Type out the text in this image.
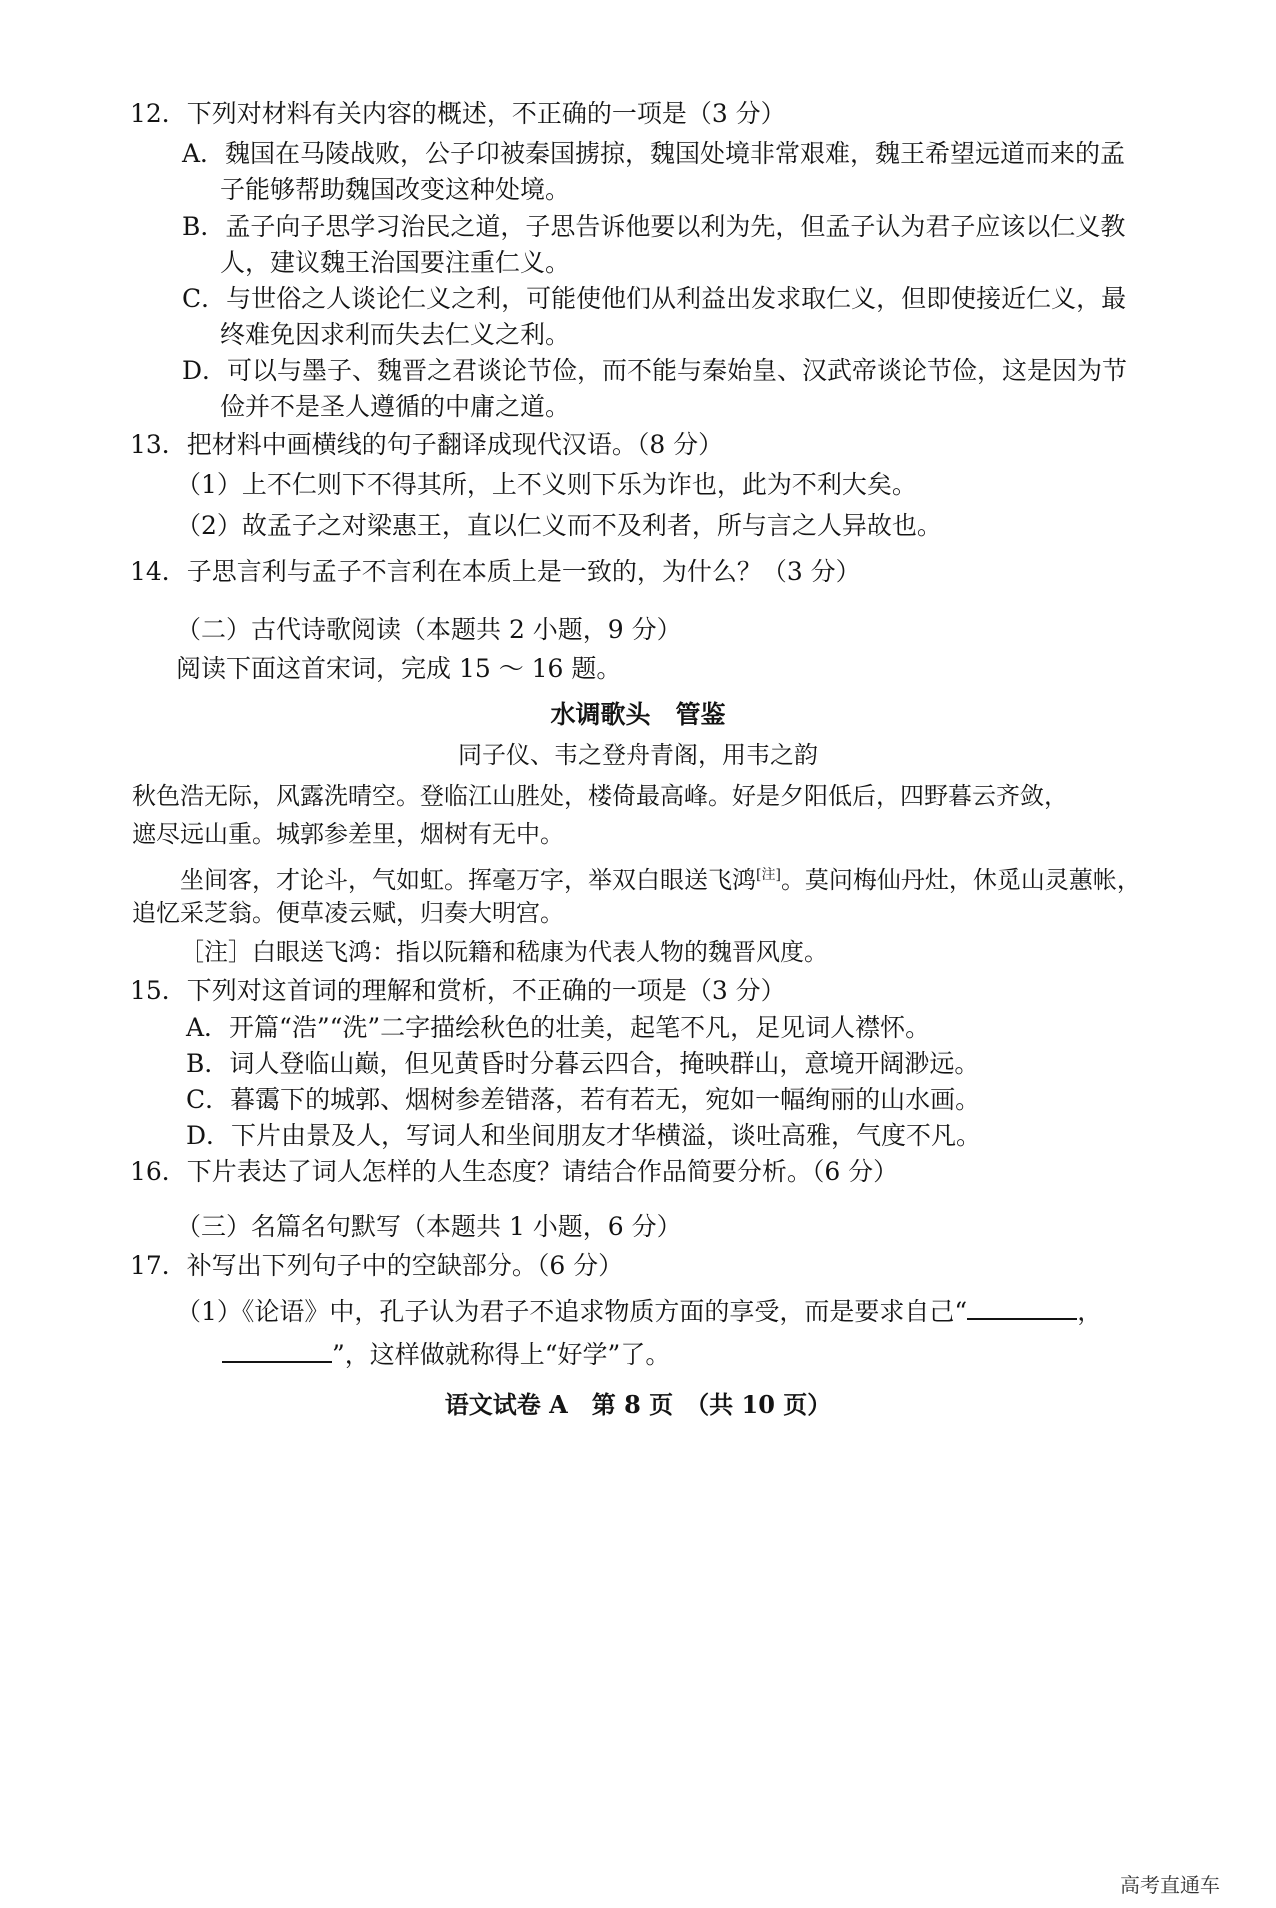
12．下列对材料有关内容的概述，不正确的一项是（3 分）
A．魏国在马陵战败，公子卬被秦国掳掠，魏国处境非常艰难，魏王希望远道而来的孟
子能够帮助魏国改变这种处境。
B．孟子向子思学习治民之道，子思告诉他要以利为先，但孟子认为君子应该以仁义教
人，建议魏王治国要注重仁义。
C．与世俗之人谈论仁义之利，可能使他们从利益出发求取仁义，但即使接近仁义，最
终难免因求利而失去仁义之利。
D．可以与墨子、魏晋之君谈论节俭，而不能与秦始皇、汉武帝谈论节俭，这是因为节
俭并不是圣人遵循的中庸之道。
13．把材料中画横线的句子翻译成现代汉语。（8 分）
（1）上不仁则下不得其所，上不义则下乐为诈也，此为不利大矣。
（2）故孟子之对梁惠王，直以仁义而不及利者，所与言之人异故也。
14．子思言利与孟子不言利在本质上是一致的，为什么？（3 分）
（二）古代诗歌阅读（本题共 2 小题，9 分）
阅读下面这首宋词，完成 15 ～ 16 题。
水调歌头　管鉴
同子仪、韦之登舟青阁，用韦之韵
秋色浩无际，风露洗晴空。登临江山胜处，楼倚最高峰。好是夕阳低后，四野暮云齐敛，
遮尽远山重。城郭参差里，烟树有无中。
坐间客，才论斗，气如虹。挥毫万字，举双白眼送飞鸿[注]。莫问梅仙丹灶，休觅山灵蕙帐，
追忆采芝翁。便草凌云赋，归奏大明宫。
［注］白眼送飞鸿：指以阮籍和嵇康为代表人物的魏晋风度。
15．下列对这首词的理解和赏析，不正确的一项是（3 分）
A．开篇“浩”“洗”二字描绘秋色的壮美，起笔不凡，足见词人襟怀。
B．词人登临山巅，但见黄昏时分暮云四合，掩映群山，意境开阔渺远。
C．暮霭下的城郭、烟树参差错落，若有若无，宛如一幅绚丽的山水画。
D．下片由景及人，写词人和坐间朋友才华横溢，谈吐高雅，气度不凡。
16．下片表达了词人怎样的人生态度？请结合作品简要分析。（6 分）
（三）名篇名句默写（本题共 1 小题，6 分）
17．补写出下列句子中的空缺部分。（6 分）
（1）《论语》中，孔子认为君子不追求物质方面的享受，而是要求自己“	，
”，这样做就称得上“好学”了。
语文试卷 A　第 8 页　（共 10 页）
高考直通车
